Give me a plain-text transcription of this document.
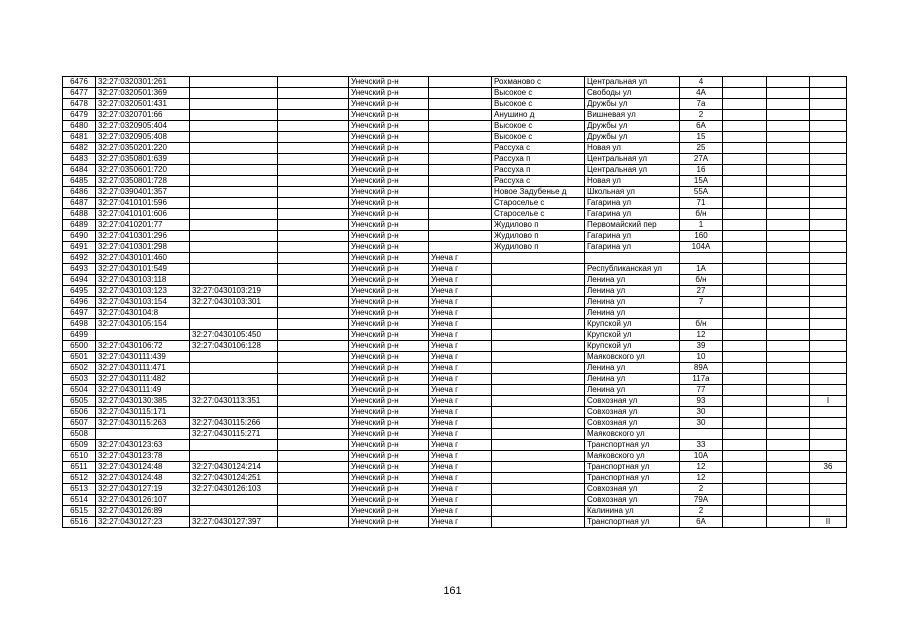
6476	32:27:0320301:261			Унечский р-н		Рохманово с	Центральная ул	4			
6477	32:27:0320501:369			Унечский р-н		Высокое с	Свободы ул	4А			
6478	32:27:0320501:431			Унечский р-н		Высокое с	Дружбы ул	7а			
6479	32:27:0320701:66			Унечский р-н		Анушино д	Вишневая ул	2			
6480	32:27:0320905:404			Унечский р-н		Высокое с	Дружбы ул	6А			
6481	32:27:0320905:408			Унечский р-н		Высокое с	Дружбы ул	15			
6482	32:27:0350201:220			Унечский р-н		Рассуха с	Новая ул	25			
6483	32:27:0350801:639			Унечский р-н		Рассуха п	Центральная ул	27А			
6484	32:27:0350601:720			Унечский р-н		Рассуха п	Центральная ул	16			
6485	32:27:0350801:728			Унечский р-н		Рассуха с	Новая ул	15А			
6486	32:27:0390401:357			Унечский р-н		Новое Задубенье д	Школьная ул	55А			
6487	32:27:0410101:596			Унечский р-н		Староселье с	Гагарина ул	71			
6488	32:27:0410101:606			Унечский р-н		Староселье с	Гагарина ул	б/н			
6489	32:27:0410201:77			Унечский р-н		Жудилово п	Первомайский пер	1			
6490	32:27:0410301:296			Унечский р-н		Жудилово п	Гагарина ул	160			
6491	32:27:0410301:298			Унечский р-н		Жудилово п	Гагарина ул	104А			
6492	32:27:0430101:460			Унечский р-н	Унеча г						
6493	32:27:0430101:549			Унечский р-н	Унеча г		Республиканская ул	1А			
6494	32:27:0430103:118			Унечский р-н	Унеча г		Ленина ул	б/н			
6495	32:27:0430103:123	32:27:0430103:219		Унечский р-н	Унеча г		Ленина ул	27			
6496	32:27:0430103:154	32:27:0430103:301		Унечский р-н	Унеча г		Ленина ул	7			
6497	32:27:0430104:8			Унечский р-н	Унеча г		Ленина ул				
6498	32:27:0430105:154			Унечский р-н	Унеча г		Крупской ул	б/н			
6499		32:27:0430105:450		Унечский р-н	Унеча г		Крупской ул	12			
6500	32:27:0430106:72	32:27:0430106:128		Унечский р-н	Унеча г		Крупской ул	39			
6501	32:27:0430111:439			Унечский р-н	Унеча г		Маяковского ул	10			
6502	32:27:0430111:471			Унечский р-н	Унеча г		Ленина ул	89А			
6503	32:27:0430111:482			Унечский р-н	Унеча г		Ленина ул	117а			
6504	32:27:0430111:49			Унечский р-н	Унеча г		Ленина ул	77			
6505	32:27:0430130:385	32:27:0430113:351		Унечский р-н	Унеча г		Совхозная ул	93			I
6506	32:27:0430115:171			Унечский р-н	Унеча г		Совхозная ул	30			
6507	32:27:0430115:263	32:27:0430115:266		Унечский р-н	Унеча г		Совхозная ул	30			
6508		32:27:0430115:271		Унечский р-н	Унеча г		Маяковского ул				
6509	32:27:0430123:63			Унечский р-н	Унеча г		Транспортная ул	33			
6510	32:27:0430123:78			Унечский р-н	Унеча г		Маяковского ул	10А			
6511	32:27:0430124:48	32:27:0430124:214		Унечский р-н	Унеча г		Транспортная ул	12			36
6512	32:27:0430124:48	32:27:0430124:251		Унечский р-н	Унеча г		Транспортная ул	12			
6513	32:27:0430127:19	32:27:0430126:103		Унечский р-н	Унеча г		Совхозная ул	2			
6514	32:27:0430126:107			Унечский р-н	Унеча г		Совхозная ул	79А			
6515	32:27:0430126:89			Унечский р-н	Унеча г		Калинина ул	2			
6516	32:27:0430127:23	32:27:0430127:397		Унечский р-н	Унеча г		Транспортная ул	6А			II
161
